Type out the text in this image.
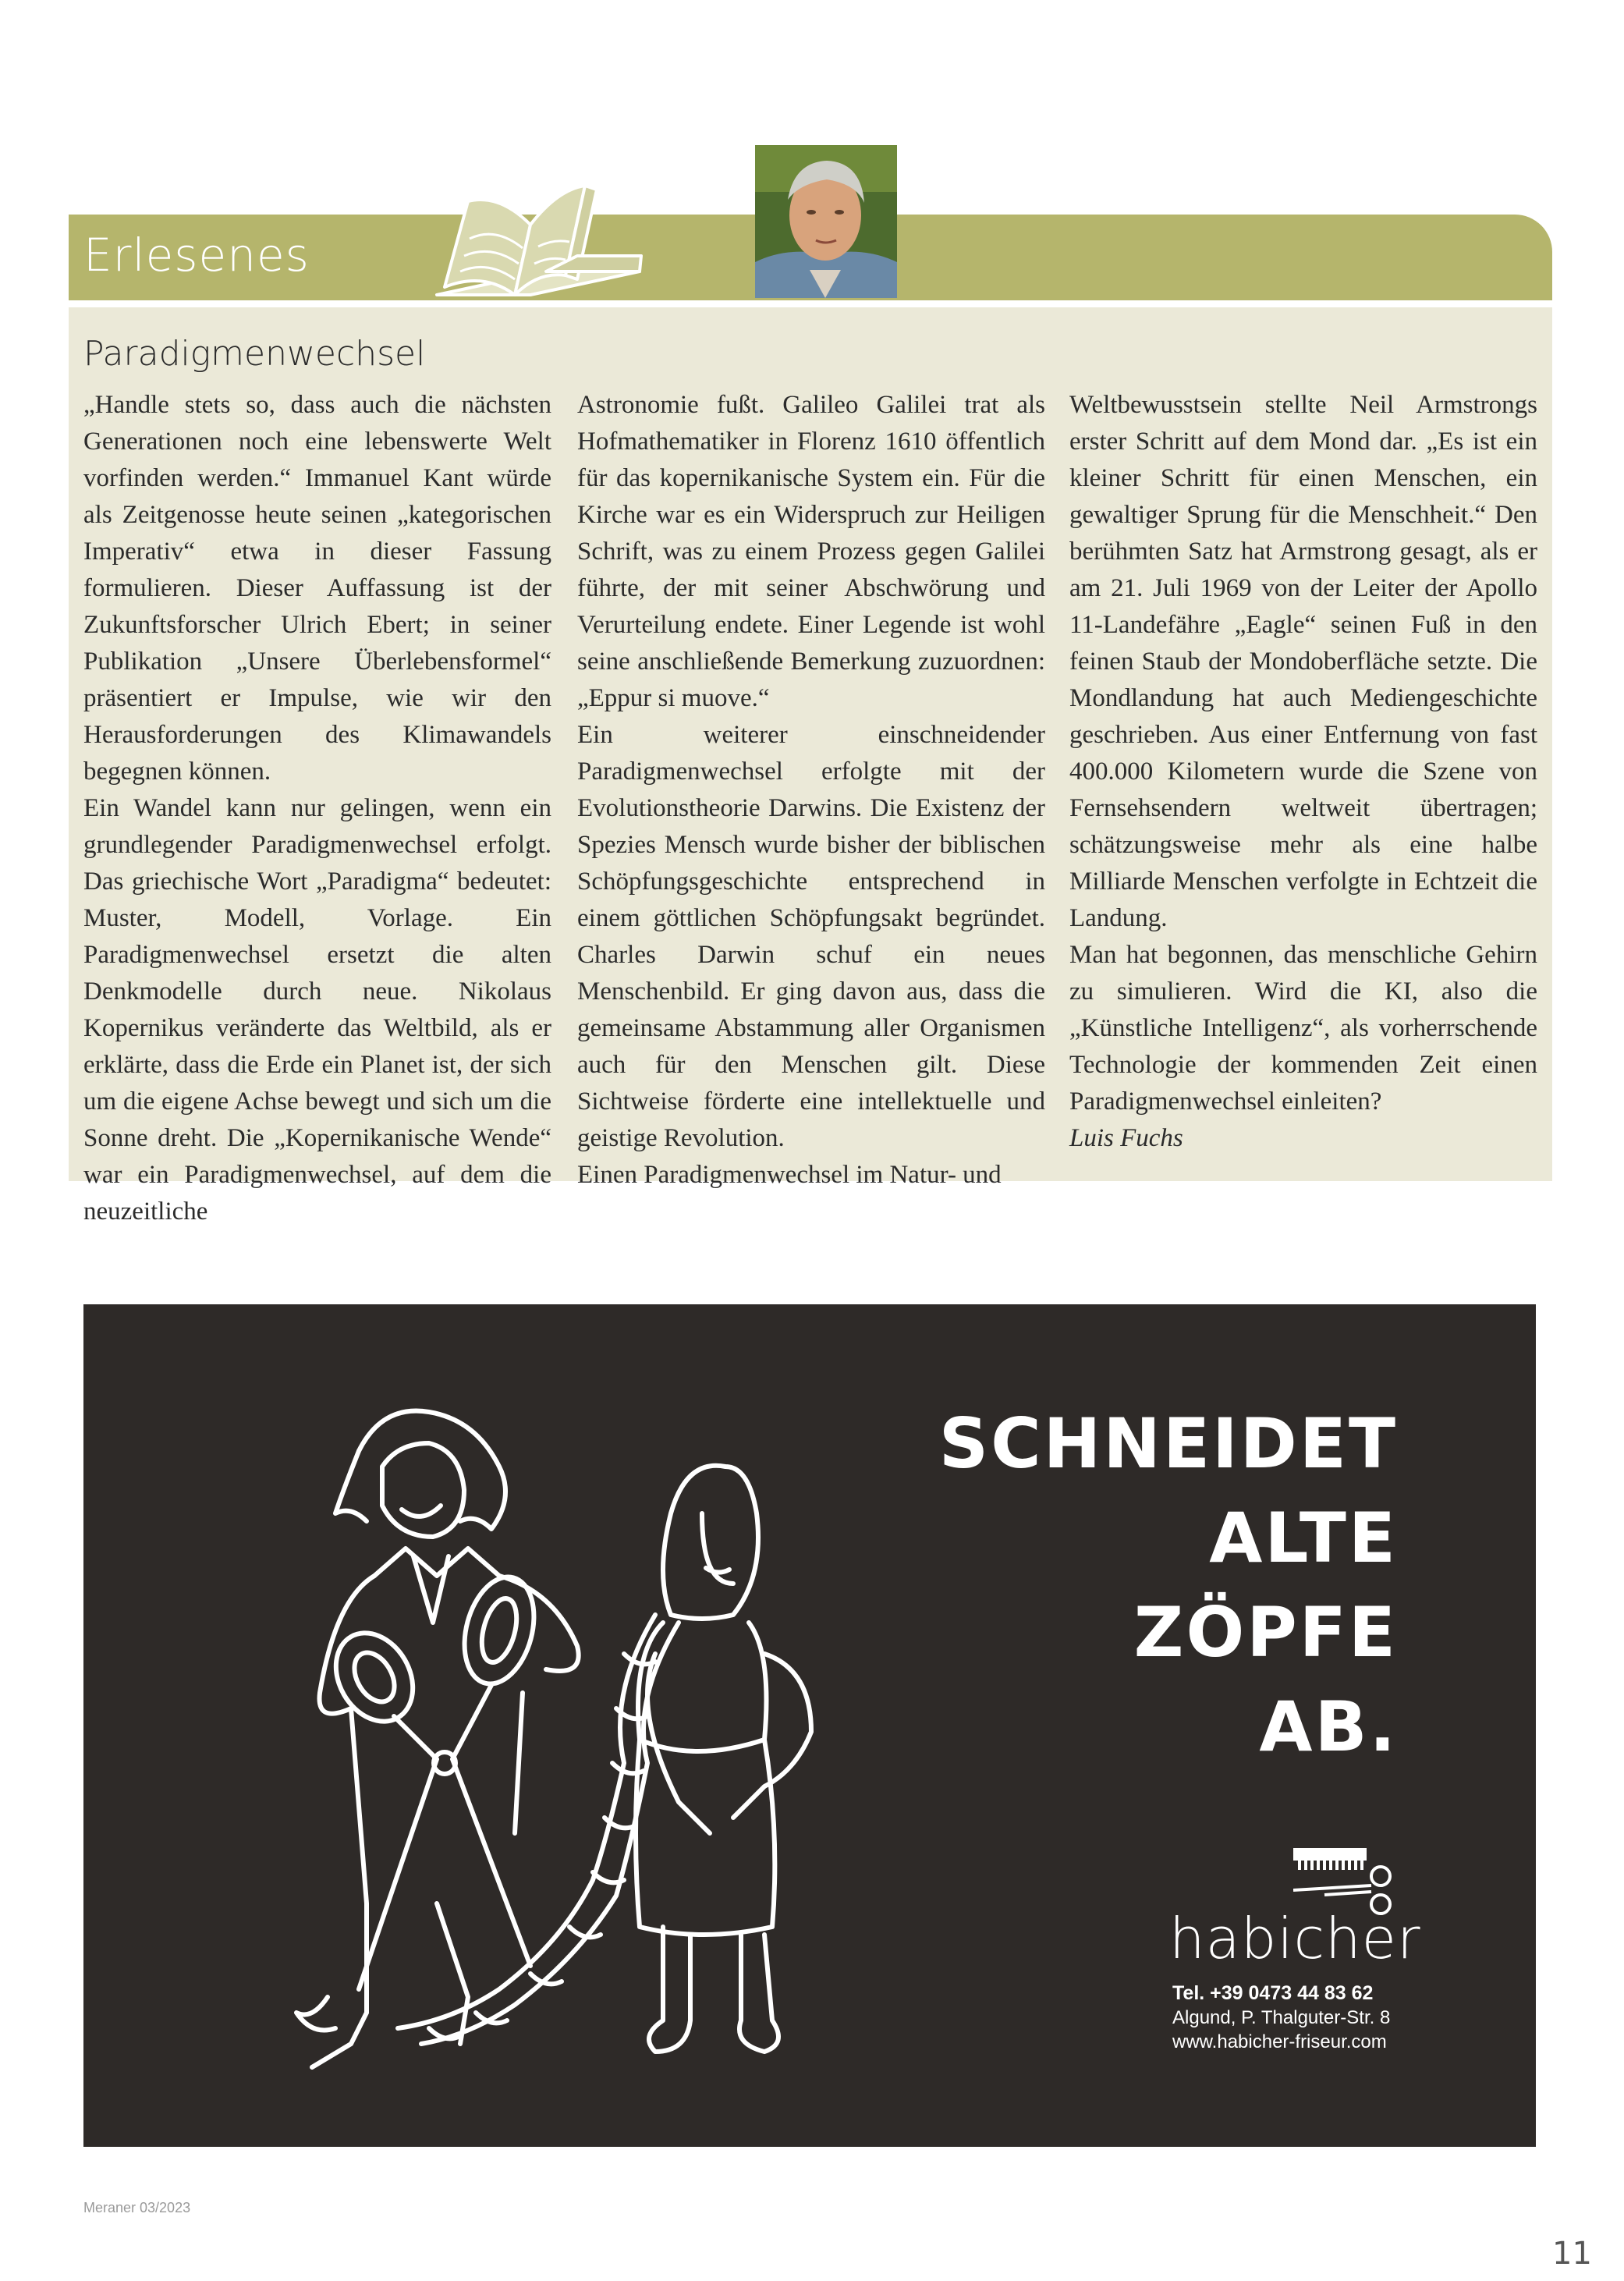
Erlesenes
Paradigmenwechsel

„Handle stets so, dass auch die nächsten Generationen noch eine lebenswerte Welt vorfinden werden.“ Immanuel Kant würde als Zeitgenosse heute seinen „kategorischen Imperativ“ etwa in dieser Fassung formulieren. Dieser Auffassung ist der Zukunftsforscher Ulrich Ebert; in seiner Publikation „Unsere Überlebensformel“ präsentiert er Impulse, wie wir den Herausforderungen des Klimawandels begegnen können.

Ein Wandel kann nur gelingen, wenn ein grundlegender Paradigmenwechsel erfolgt. Das griechische Wort „Paradigma“ bedeutet: Muster, Modell, Vorlage. Ein Paradigmenwechsel ersetzt die alten Denkmodelle durch neue. Nikolaus Kopernikus veränderte das Weltbild, als er erklärte, dass die Erde ein Planet ist, der sich um die eigene Achse bewegt und sich um die Sonne dreht. Die „Kopernikanische Wende“ war ein Paradigmenwechsel, auf dem die neuzeitliche

Astronomie fußt. Galileo Galilei trat als Hofmathematiker in Florenz 1610 öffentlich für das kopernikanische System ein. Für die Kirche war es ein Widerspruch zur Heiligen Schrift, was zu einem Prozess gegen Galilei führte, der mit seiner Abschwörung und Verurteilung endete. Einer Legende ist wohl seine anschließende Bemerkung zuzuordnen: „Eppur si muove.“

Ein weiterer einschneidender Paradigmenwechsel erfolgte mit der Evolutionstheorie Darwins. Die Existenz der Spezies Mensch wurde bisher der biblischen Schöpfungsgeschichte entsprechend in einem göttlichen Schöpfungsakt begründet. Charles Darwin schuf ein neues Menschenbild. Er ging davon aus, dass die gemeinsame Abstammung aller Organismen auch für den Menschen gilt. Diese Sichtweise förderte eine intellektuelle und geistige Revolution.

Einen Paradigmenwechsel im Natur- und

Weltbewusstsein stellte Neil Armstrongs erster Schritt auf dem Mond dar. „Es ist ein kleiner Schritt für einen Menschen, ein gewaltiger Sprung für die Menschheit.“ Den berühmten Satz hat Armstrong gesagt, als er am 21. Juli 1969 von der Leiter der Apollo 11-Landefähre „Eagle“ seinen Fuß in den feinen Staub der Mondoberfläche setzte. Die Mondlandung hat auch Mediengeschichte geschrieben. Aus einer Entfernung von fast 400.000 Kilometern wurde die Szene von Fernsehsendern weltweit übertragen; schätzungsweise mehr als eine halbe Milliarde Menschen verfolgte in Echtzeit die Landung.

Man hat begonnen, das menschliche Gehirn zu simulieren. Wird die KI, also die „Künstliche Intelligenz“, als vorherrschende Technologie der kommenden Zeit einen Paradigmenwechsel einleiten?

Luis Fuchs

SCHNEIDET
ALTE
ZÖPFE
AB.
habicher
Tel. +39 0473 44 83 62
Algund, P. Thalguter-Str. 8
www.habicher-friseur.com
Meraner 03/2023
11
